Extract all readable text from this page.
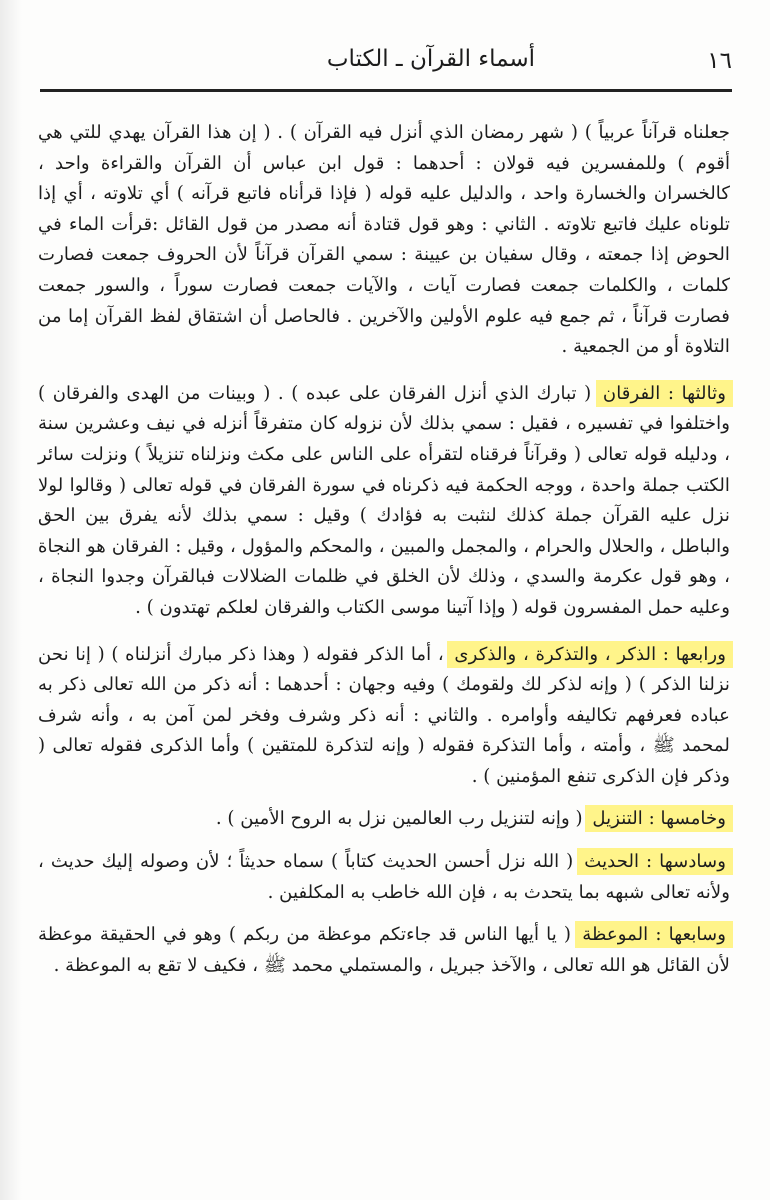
١٦
أسماء القرآن ـ الكتاب

جعلناه قرآناً عربياً ) ( شهر رمضان الذي أنزل فيه القرآن ) . ( إن هذا القرآن يهدي للتي هي أقوم ) وللمفسرين فيه قولان : أحدهما : قول ابن عباس أن القرآن والقراءة واحد ، كالخسران والخسارة واحد ، والدليل عليه قوله ( فإذا قرأناه فاتبع قرآنه ) أي تلاوته ، أي إذا تلوناه عليك فاتبع تلاوته . الثاني : وهو قول قتادة أنه مصدر من قول القائل :قرأت الماء في الحوض إذا جمعته ، وقال سفيان بن عيينة : سمي القرآن قرآناً لأن الحروف جمعت فصارت كلمات ، والكلمات جمعت فصارت آيات ، والآيات جمعت فصارت سوراً ، والسور جمعت فصارت قرآناً ، ثم جمع فيه علوم الأولين والآخرين . فالحاصل أن اشتقاق لفظ القرآن إما من التلاوة أو من الجمعية .

وثالثها : الفرقان ( تبارك الذي أنزل الفرقان على عبده ) . ( وبينات من الهدى والفرقان ) واختلفوا في تفسيره ، فقيل : سمي بذلك لأن نزوله كان متفرقاً أنزله في نيف وعشرين سنة ، ودليله قوله تعالى ( وقرآناً فرقناه لتقرأه على الناس على مكث ونزلناه تنزيلاً ) ونزلت سائر الكتب جملة واحدة ، ووجه الحكمة فيه ذكرناه في سورة الفرقان في قوله تعالى ( وقالوا لولا نزل عليه القرآن جملة كذلك لنثبت به فؤادك ) وقيل : سمي بذلك لأنه يفرق بين الحق والباطل ، والحلال والحرام ، والمجمل والمبين ، والمحكم والمؤول ، وقيل : الفرقان هو النجاة ، وهو قول عكرمة والسدي ، وذلك لأن الخلق في ظلمات الضلالات فبالقرآن وجدوا النجاة ، وعليه حمل المفسرون قوله ( وإذا آتينا موسى الكتاب والفرقان لعلكم تهتدون ) .

ورابعها : الذكر ، والتذكرة ، والذكرى ، أما الذكر فقوله ( وهذا ذكر مبارك أنزلناه ) ( إنا نحن نزلنا الذكر ) ( وإنه لذكر لك ولقومك ) وفيه وجهان : أحدهما : أنه ذكر من الله تعالى ذكر به عباده فعرفهم تكاليفه وأوامره . والثاني : أنه ذكر وشرف وفخر لمن آمن به ، وأنه شرف لمحمد ﷺ ، وأمته ، وأما التذكرة فقوله ( وإنه لتذكرة للمتقين ) وأما الذكرى فقوله تعالى ( وذكر فإن الذكرى تنفع المؤمنين ) .

وخامسها : التنزيل ( وإنه لتنزيل رب العالمين نزل به الروح الأمين ) .

وسادسها : الحديث ( الله نزل أحسن الحديث كتاباً ) سماه حديثاً ؛ لأن وصوله إليك حديث ، ولأنه تعالى شبهه بما يتحدث به ، فإن الله خاطب به المكلفين .

وسابعها : الموعظة ( يا أيها الناس قد جاءتكم موعظة من ربكم ) وهو في الحقيقة موعظة لأن القائل هو الله تعالى ، والآخذ جبريل ، والمستملي محمد ﷺ ، فكيف لا تقع به الموعظة .
